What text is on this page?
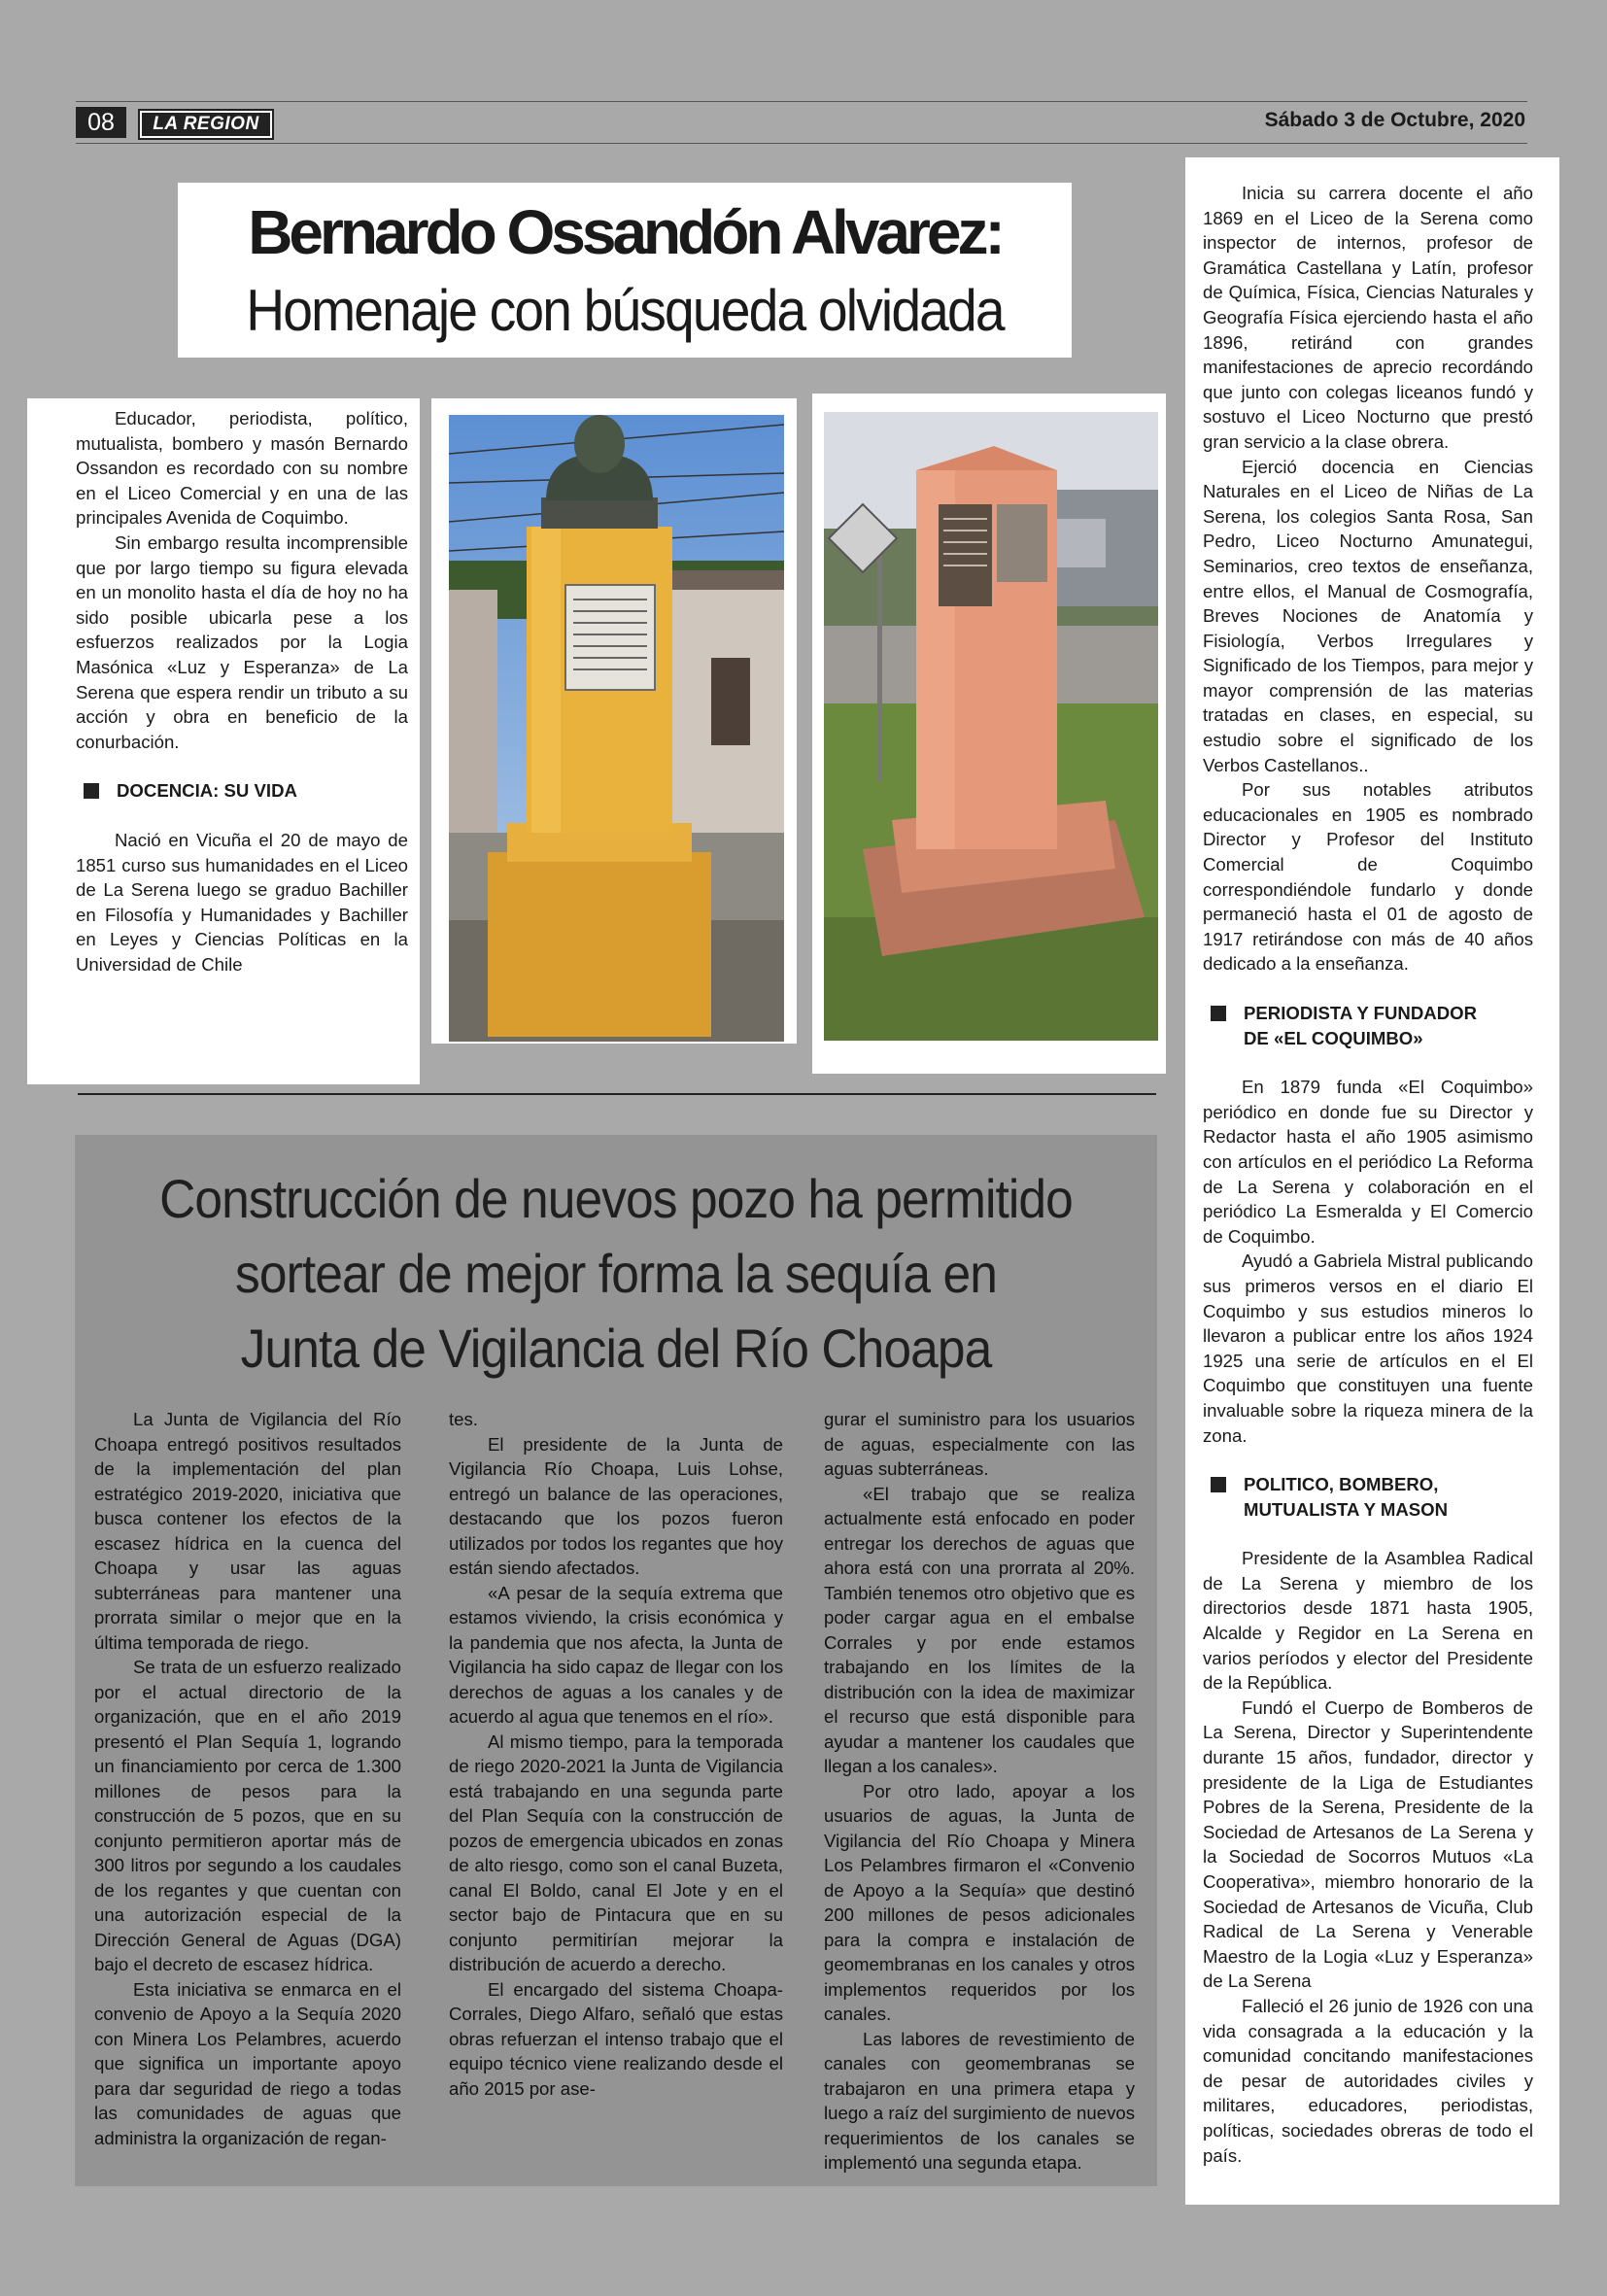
08	LA REGION	Sábado 3 de Octubre, 2020
Bernardo Ossandón Alvarez:
Homenaje con búsqueda olvidada

Educador, periodista, político, mutualista, bombero y masón Bernardo Ossandon es recordado con su nombre en el Liceo Comercial y en una de las principales Avenida de Coquimbo.

Sin embargo resulta incomprensible que por largo tiempo su figura elevada en un monolito hasta el día de hoy no ha sido posible ubicarla pese a los esfuerzos realizados por la Logia Masónica «Luz y Esperanza» de La Serena que espera rendir un tributo a su acción y obra en beneficio de la conurbación.

DOCENCIA: SU VIDA

Nació en Vicuña el 20 de mayo de 1851 curso sus humanidades en el Liceo de La Serena luego se graduo Bachiller en Filosofía y Humanidades y Bachiller en Leyes y Ciencias Políticas en la Universidad de Chile

Inicia su carrera docente el año 1869 en el Liceo de la Serena como inspector de internos, profesor de Gramática Castellana y Latín, profesor de Química, Física, Ciencias Naturales y Geografía Física ejerciendo hasta el año 1896, retiránd con grandes manifestaciones de aprecio recordándo que junto con colegas liceanos fundó y sostuvo el Liceo Nocturno que prestó gran servicio a la clase obrera.

Ejerció docencia en Ciencias Naturales en el Liceo de Niñas de La Serena, los colegios Santa Rosa, San Pedro, Liceo Nocturno Amunategui, Seminarios, creo textos de enseñanza, entre ellos, el Manual de Cosmografía, Breves Nociones de Anatomía y Fisiología, Verbos Irregulares y Significado de los Tiempos, para mejor y mayor comprensión de las materias tratadas en clases, en especial, su estudio sobre el significado de los Verbos Castellanos..

Por sus notables atributos educacionales en 1905 es nombrado Director y Profesor del Instituto Comercial de Coquimbo correspondiéndole fundarlo y donde permaneció hasta el 01 de agosto de 1917 retirándose con más de 40 años dedicado a la enseñanza.

PERIODISTA Y FUNDADOR
DE «EL COQUIMBO»

En 1879 funda «El Coquimbo» periódico en donde fue su Director y Redactor hasta el año 1905 asimismo con artículos en el periódico La Reforma de La Serena y colaboración en el periódico La Esmeralda y El Comercio de Coquimbo.

Ayudó a Gabriela Mistral publicando sus primeros versos en el diario El Coquimbo y sus estudios mineros lo llevaron a publicar entre los años 1924 1925 una serie de artículos en el El Coquimbo que constituyen una fuente invaluable sobre la riqueza minera de la zona.

POLITICO, BOMBERO,
MUTUALISTA Y MASON

Presidente de la Asamblea Radical de La Serena y miembro de los directorios desde 1871 hasta 1905, Alcalde y Regidor en La Serena en varios períodos y elector del Presidente de la República.

Fundó el Cuerpo de Bomberos de La Serena, Director y Superintendente durante 15 años, fundador, director y presidente de la Liga de Estudiantes Pobres de la Serena, Presidente de la Sociedad de Artesanos de La Serena y la Sociedad de Socorros Mutuos «La Cooperativa», miembro honorario de la Sociedad de Artesanos de Vicuña, Club Radical de La Serena y Venerable Maestro de la Logia «Luz y Esperanza» de La Serena

Falleció el 26 junio de 1926 con una vida consagrada a la educación y la comunidad concitando manifestaciones de pesar de autoridades civiles y militares, educadores, periodistas, políticas, sociedades obreras de todo el país.

Construcción de nuevos pozo ha permitido
sortear de mejor forma la sequía en
Junta de Vigilancia del Río Choapa

La Junta de Vigilancia del Río Choapa entregó positivos resultados de la implementación del plan estratégico 2019-2020, iniciativa que busca contener los efectos de la escasez hídrica en la cuenca del Choapa y usar las aguas subterráneas para mantener una prorrata similar o mejor que en la última temporada de riego.

Se trata de un esfuerzo realizado por el actual directorio de la organización, que en el año 2019 presentó el Plan Sequía 1, logrando un financiamiento por cerca de 1.300 millones de pesos para la construcción de 5 pozos, que en su conjunto permitieron aportar más de 300 litros por segundo a los caudales de los regantes y que cuentan con una autorización especial de la Dirección General de Aguas (DGA) bajo el decreto de escasez hídrica.

Esta iniciativa se enmarca en el convenio de Apoyo a la Sequía 2020 con Minera Los Pelambres, acuerdo que significa un importante apoyo para dar seguridad de riego a todas las comunidades de aguas que administra la organización de regan-

tes.

El presidente de la Junta de Vigilancia Río Choapa, Luis Lohse, entregó un balance de las operaciones, destacando que los pozos fueron utilizados por todos los regantes que hoy están siendo afectados.

«A pesar de la sequía extrema que estamos viviendo, la crisis económica y la pandemia que nos afecta, la Junta de Vigilancia ha sido capaz de llegar con los derechos de aguas a los canales y de acuerdo al agua que tenemos en el río».

Al mismo tiempo, para la temporada de riego 2020-2021 la Junta de Vigilancia está trabajando en una segunda parte del Plan Sequía con la construcción de pozos de emergencia ubicados en zonas de alto riesgo, como son el canal Buzeta, canal El Boldo, canal El Jote y en el sector bajo de Pintacura que en su conjunto permitirían mejorar la distribución de acuerdo a derecho.

El encargado del sistema Choapa-Corrales, Diego Alfaro, señaló que estas obras refuerzan el intenso trabajo que el equipo técnico viene realizando desde el año 2015 por ase-

gurar el suministro para los usuarios de aguas, especialmente con las aguas subterráneas.

«El trabajo que se realiza actualmente está enfocado en poder entregar los derechos de aguas que ahora está con una prorrata al 20%. También tenemos otro objetivo que es poder cargar agua en el embalse Corrales y por ende estamos trabajando en los límites de la distribución con la idea de maximizar el recurso que está disponible para ayudar a mantener los caudales que llegan a los canales».

Por otro lado, apoyar a los usuarios de aguas, la Junta de Vigilancia del Río Choapa y Minera Los Pelambres firmaron el «Convenio de Apoyo a la Sequía» que destinó 200 millones de pesos adicionales para la compra e instalación de geomembranas en los canales y otros implementos requeridos por los canales.

Las labores de revestimiento de canales con geomembranas se trabajaron en una primera etapa y luego a raíz del surgimiento de nuevos requerimientos de los canales se implementó una segunda etapa.
